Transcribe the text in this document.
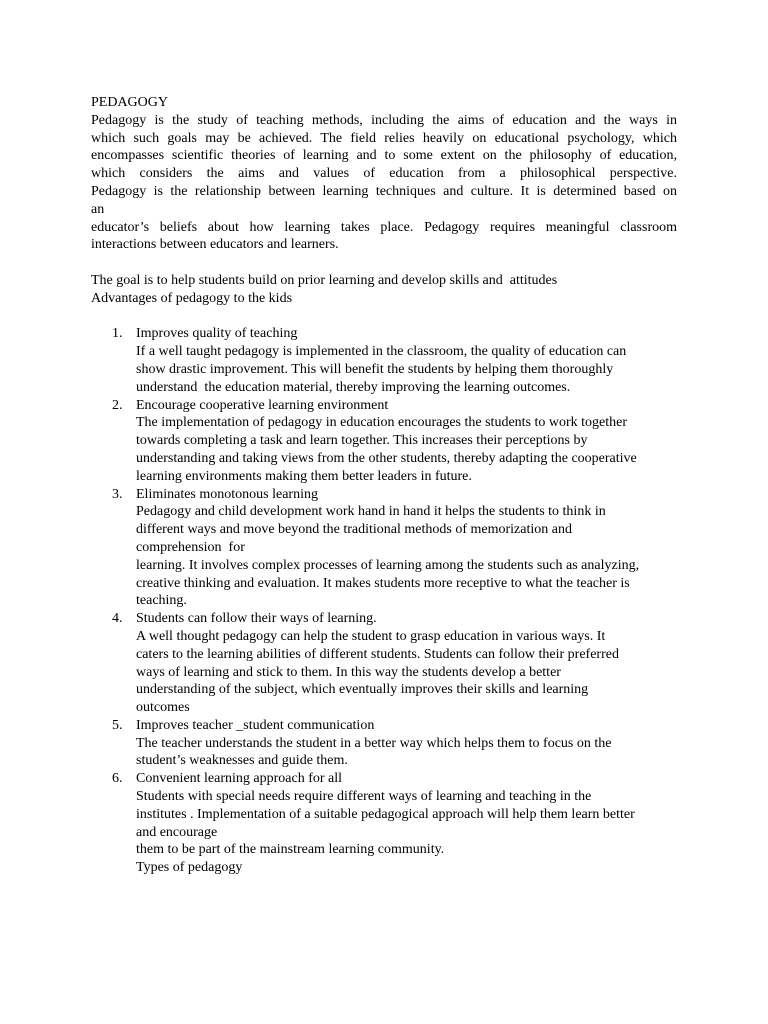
PEDAGOGY
Pedagogy is the study of teaching methods, including the aims of education and the ways in
which such goals may be achieved. The field relies heavily on educational psychology, which
encompasses scientific theories of learning and to some extent on the philosophy of education,
which considers the aims and values of education from a philosophical perspective.
Pedagogy is the relationship between learning techniques and culture. It is determined based on
an
educator’s beliefs about how learning takes place. Pedagogy requires meaningful classroom
interactions between educators and learners.
The goal is to help students build on prior learning and develop skills and  attitudes
Advantages of pedagogy to the kids
1. Improves quality of teaching
If a well taught pedagogy is implemented in the classroom, the quality of education can
show drastic improvement. This will benefit the students by helping them thoroughly
understand  the education material, thereby improving the learning outcomes.
2. Encourage cooperative learning environment
The implementation of pedagogy in education encourages the students to work together
towards completing a task and learn together. This increases their perceptions by
understanding and taking views from the other students, thereby adapting the cooperative
learning environments making them better leaders in future.
3. Eliminates monotonous learning
Pedagogy and child development work hand in hand it helps the students to think in
different ways and move beyond the traditional methods of memorization and
comprehension  for
learning. It involves complex processes of learning among the students such as analyzing,
creative thinking and evaluation. It makes students more receptive to what the teacher is
teaching.
4. Students can follow their ways of learning.
A well thought pedagogy can help the student to grasp education in various ways. It
caters to the learning abilities of different students. Students can follow their preferred
ways of learning and stick to them. In this way the students develop a better
understanding of the subject, which eventually improves their skills and learning
outcomes
5. Improves teacher _student communication
The teacher understands the student in a better way which helps them to focus on the
student’s weaknesses and guide them.
6. Convenient learning approach for all
Students with special needs require different ways of learning and teaching in the
institutes . Implementation of a suitable pedagogical approach will help them learn better
and encourage
them to be part of the mainstream learning community.
Types of pedagogy
